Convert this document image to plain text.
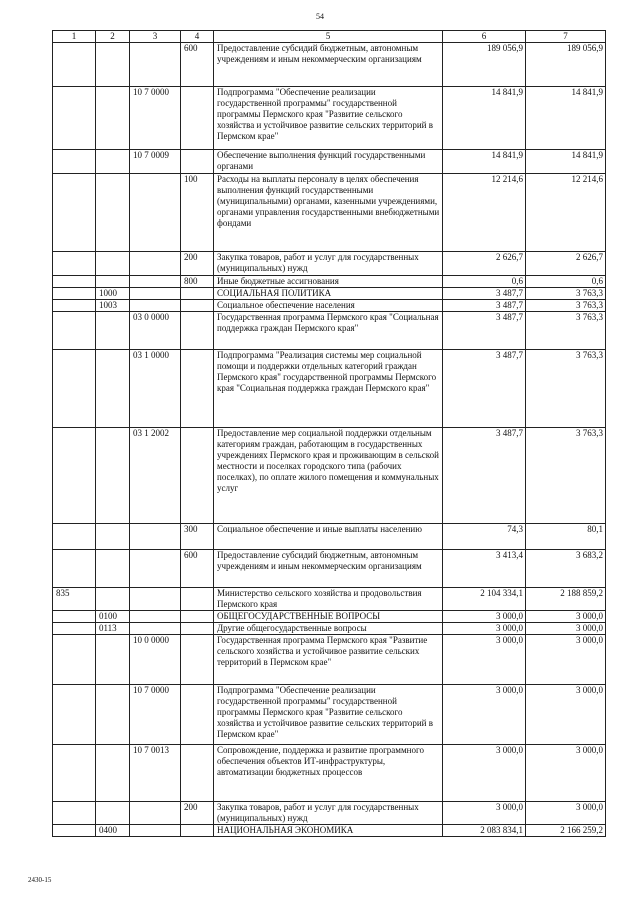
54
1	2	3	4	5	6	7
			600	Предоставление субсидий бюджетным, автономным учреждениям и иным некоммерческим организациям	189 056,9	189 056,9
		10 7 0000		Подпрограмма "Обеспечение реализации государственной программы" государственной программы Пермского края "Развитие сельского хозяйства и устойчивое развитие сельских территорий в Пермском крае"	14 841,9	14 841,9
		10 7 0009		Обеспечение выполнения функций государственными органами	14 841,9	14 841,9
			100	Расходы на выплаты персоналу в целях обеспечения выполнения функций государственными (муниципальными) органами, казенными учреждениями, органами управления государственными внебюджетными фондами	12 214,6	12 214,6
			200	Закупка товаров, работ и услуг для государственных (муниципальных) нужд	2 626,7	2 626,7
			800	Иные бюджетные ассигнования	0,6	0,6
	1000			СОЦИАЛЬНАЯ ПОЛИТИКА	3 487,7	3 763,3
	1003			Социальное обеспечение населения	3 487,7	3 763,3
		03 0 0000		Государственная программа Пермского края "Социальная поддержка граждан Пермского края"	3 487,7	3 763,3
		03 1 0000		Подпрограмма "Реализация системы мер социальной помощи и поддержки отдельных категорий граждан Пермского края" государственной программы Пермского края "Социальная поддержка граждан Пермского края"	3 487,7	3 763,3
		03 1 2002		Предоставление мер социальной поддержки отдельным категориям граждан, работающим в государственных учреждениях Пермского края и проживающим в сельской местности и поселках городского типа (рабочих поселках), по оплате жилого помещения и коммунальных услуг	3 487,7	3 763,3
			300	Социальное обеспечение и иные выплаты населению	74,3	80,1
			600	Предоставление субсидий бюджетным, автономным учреждениям и иным некоммерческим организациям	3 413,4	3 683,2
835				Министерство сельского хозяйства и продовольствия Пермского края	2 104 334,1	2 188 859,2
	0100			ОБЩЕГОСУДАРСТВЕННЫЕ ВОПРОСЫ	3 000,0	3 000,0
	0113			Другие общегосударственные вопросы	3 000,0	3 000,0
		10 0 0000		Государственная программа Пермского края "Развитие сельского хозяйства и устойчивое развитие сельских территорий в Пермском крае"	3 000,0	3 000,0
		10 7 0000		Подпрограмма "Обеспечение реализации государственной программы" государственной программы Пермского края "Развитие сельского хозяйства и устойчивое развитие сельских территорий в Пермском крае"	3 000,0	3 000,0
		10 7 0013		Сопровождение, поддержка и развитие программного обеспечения объектов ИТ-инфраструктуры, автоматизации бюджетных процессов	3 000,0	3 000,0
			200	Закупка товаров, работ и услуг для государственных (муниципальных) нужд	3 000,0	3 000,0
	0400			НАЦИОНАЛЬНАЯ ЭКОНОМИКА	2 083 834,1	2 166 259,2
2430-15
